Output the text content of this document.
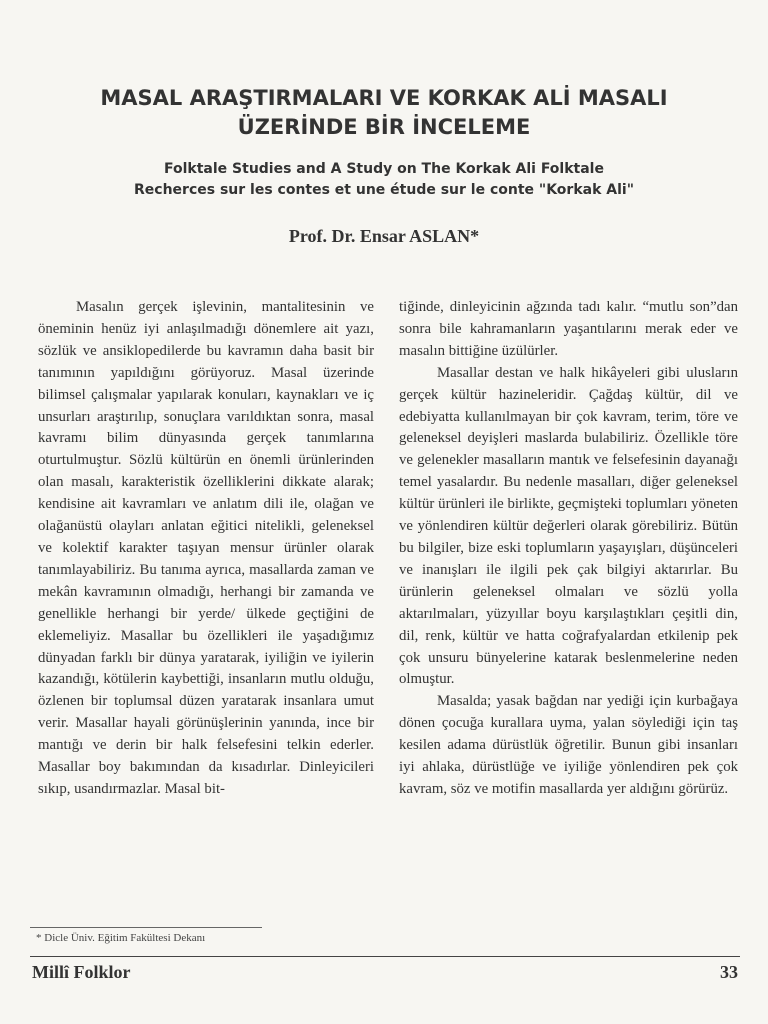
MASAL ARAŞTIRMALARI VE KORKAK ALİ MASALI
ÜZERİNDE BİR İNCELEME
Folktale Studies and A Study on The Korkak Ali Folktale
Recherces sur les contes et une étude sur le conte "Korkak Ali"
Prof. Dr. Ensar ASLAN*

Masalın gerçek işlevinin, mantalitesinin ve öneminin henüz iyi anlaşılmadığı dönemlere ait yazı, sözlük ve ansiklopedilerde bu kavramın daha basit bir tanımının yapıldığını görüyoruz. Masal üzerinde bilimsel çalışmalar yapılarak konuları, kaynakları ve iç unsurları araştırılıp, sonuçlara varıldıktan sonra, masal kavramı bilim dünyasında gerçek tanımlarına oturtulmuştur. Sözlü kültürün en önemli ürünlerinden olan masalı, karakteristik özelliklerini dikkate alarak; kendisine ait kavramları ve anlatım dili ile, olağan ve olağanüstü olayları anlatan eğitici nitelikli, geleneksel ve kolektif karakter taşıyan mensur ürünler olarak tanımlayabiliriz. Bu tanıma ayrıca, masallarda zaman ve mekân kavramının olmadığı, herhangi bir zamanda ve genellikle herhangi bir yerde/ ülkede geçtiğini de eklemeliyiz. Masallar bu özellikleri ile yaşadığımız dünyadan farklı bir dünya yaratarak, iyiliğin ve iyilerin kazandığı, kötülerin kaybettiği, insanların mutlu olduğu, özlenen bir toplumsal düzen yaratarak insanlara umut verir. Masallar hayali görünüşlerinin yanında, ince bir mantığı ve derin bir halk felsefesini telkin ederler. Masallar boy bakımından da kısadırlar. Dinleyicileri sıkıp, usandırmazlar. Masal bit-

tiğinde, dinleyicinin ağzında tadı kalır. “mutlu son”dan sonra bile kahramanların yaşantılarını merak eder ve masalın bittiğine üzülürler.

Masallar destan ve halk hikâyeleri gibi ulusların gerçek kültür hazineleridir. Çağdaş kültür, dil ve edebiyatta kullanılmayan bir çok kavram, terim, töre ve geleneksel deyişleri maslarda bulabiliriz. Özellikle töre ve gelenekler masalların mantık ve felsefesinin dayanağı temel yasalardır. Bu nedenle masalları, diğer geleneksel kültür ürünleri ile birlikte, geçmişteki toplumları yöneten ve yönlendiren kültür değerleri olarak görebiliriz. Bütün bu bilgiler, bize eski toplumların yaşayışları, düşünceleri ve inanışları ile ilgili pek çak bilgiyi aktarırlar. Bu ürünlerin geleneksel olmaları ve sözlü yolla aktarılmaları, yüzyıllar boyu karşılaştıkları çeşitli din, dil, renk, kültür ve hatta coğrafyalardan etkilenip pek çok unsuru bünyelerine katarak beslenmelerine neden olmuştur.

Masalda; yasak bağdan nar yediği için kurbağaya dönen çocuğa kurallara uyma, yalan söylediği için taş kesilen adama dürüstlük öğretilir. Bunun gibi insanları iyi ahlaka, dürüstlüğe ve iyiliğe yönlendiren pek çok kavram, söz ve motifin masallarda yer aldığını görürüz.

* Dicle Üniv. Eğitim Fakültesi Dekanı
Millî Folklor	33
